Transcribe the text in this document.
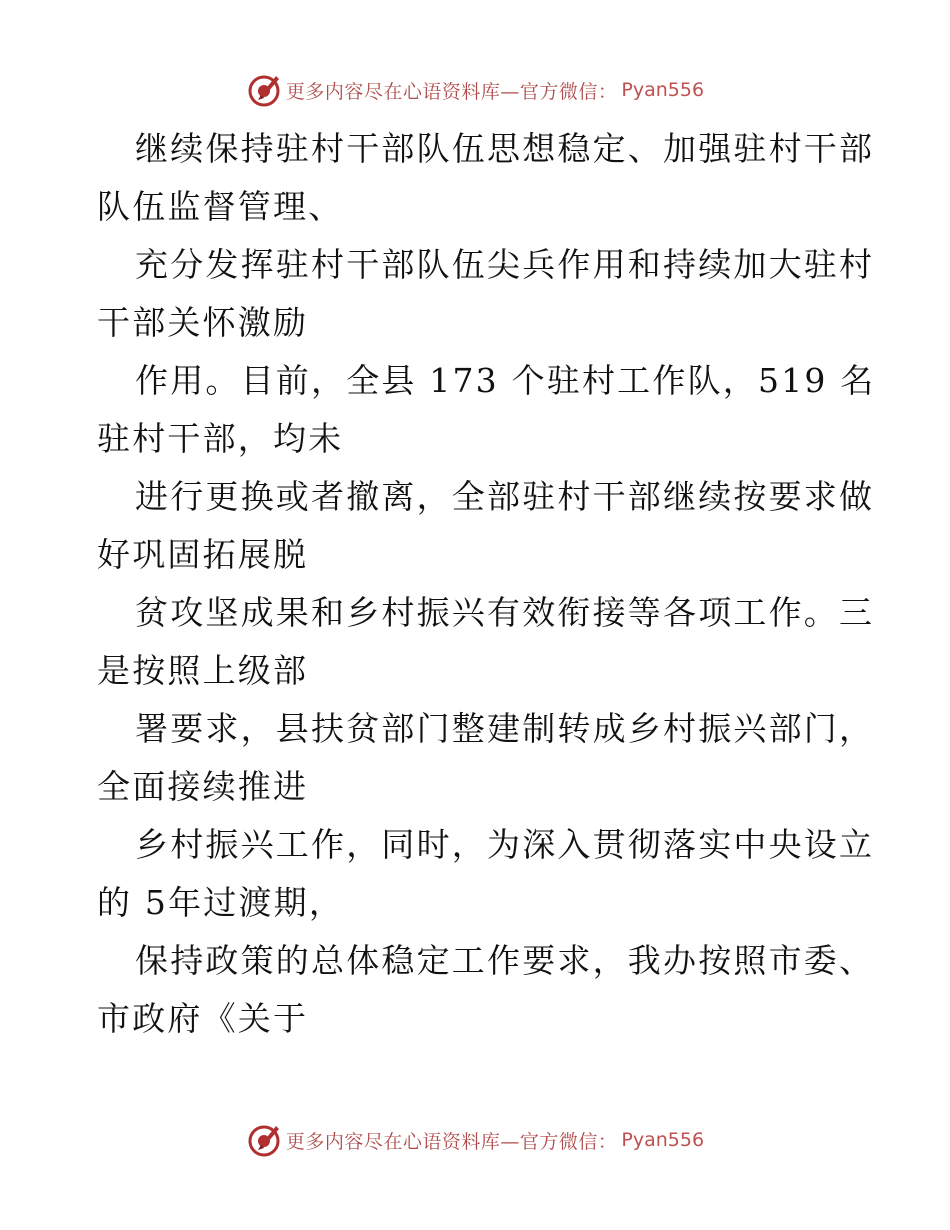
更多内容尽在心语资料库—官方微信： Pyan556
继续保持驻村干部队伍思想稳定、加强驻村干部
队伍监督管理、
充分发挥驻村干部队伍尖兵作用和持续加大驻村
干部关怀激励
作用。目前，全县 173 个驻村工作队，519 名
驻村干部，均未
进行更换或者撤离，全部驻村干部继续按要求做
好巩固拓展脱
贫攻坚成果和乡村振兴有效衔接等各项工作。三
是按照上级部
署要求，县扶贫部门整建制转成乡村振兴部门，
全面接续推进
乡村振兴工作，同时，为深入贯彻落实中央设立
的 5年过渡期，
保持政策的总体稳定工作要求，我办按照市委、
市政府《关于
更多内容尽在心语资料库—官方微信： Pyan556
